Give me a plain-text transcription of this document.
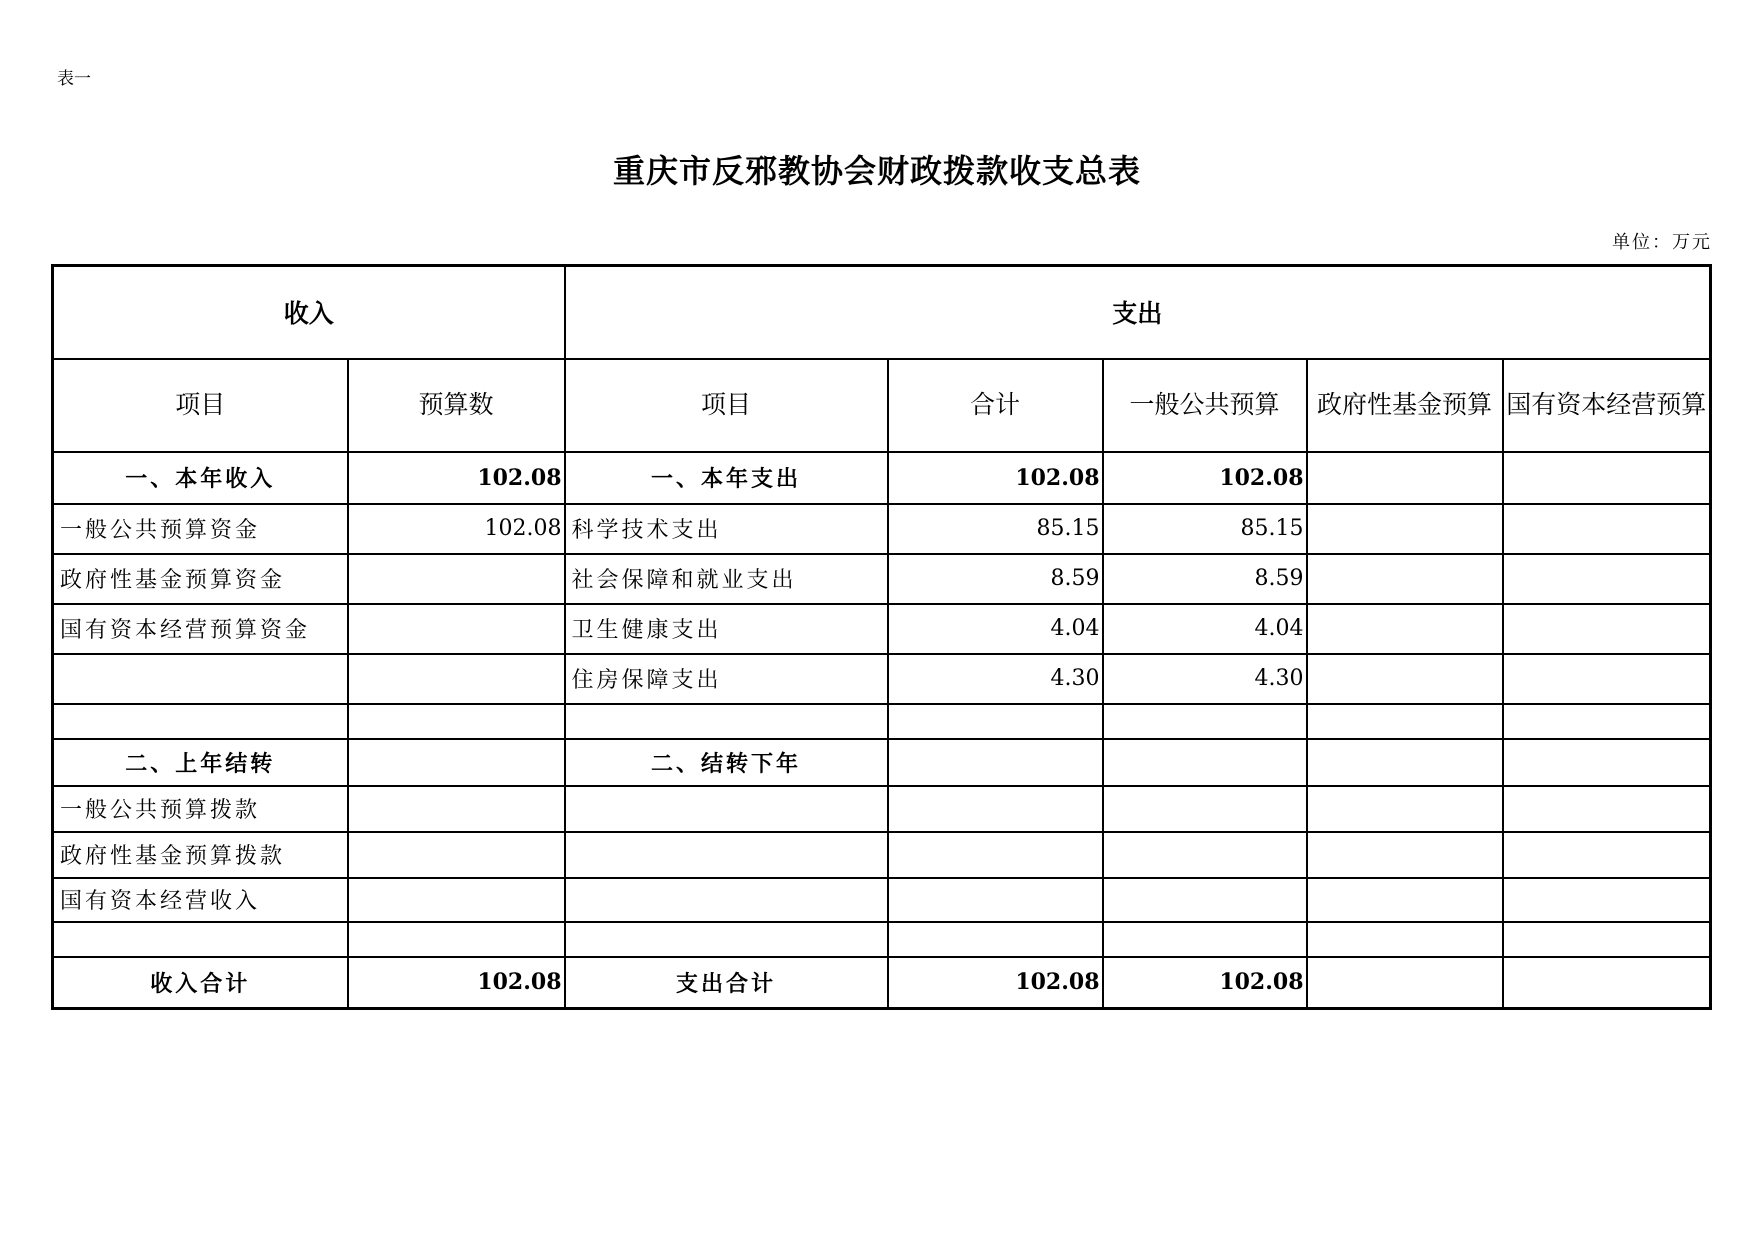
表一
重庆市反邪教协会财政拨款收支总表
单位：万元
收入		支出				
项目	预算数	项目	合计	一般公共预算	政府性基金预算	国有资本经营预算
一、本年收入	102.08	一、本年支出	102.08	102.08		
一般公共预算资金	102.08	科学技术支出	85.15	85.15		
政府性基金预算资金		社会保障和就业支出	8.59	8.59		
国有资本经营预算资金		卫生健康支出	4.04	4.04		
		住房保障支出	4.30	4.30		

二、上年结转		二、结转下年				
一般公共预算拨款						
政府性基金预算拨款						
国有资本经营收入						

收入合计	102.08	支出合计	102.08	102.08		
